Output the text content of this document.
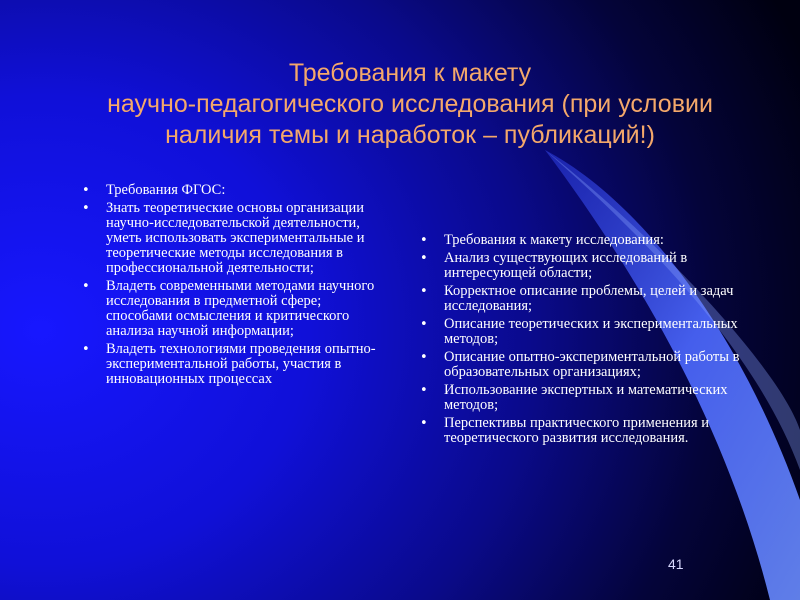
Требования к макету
научно-педагогического исследования (при условии
наличия темы и наработок – публикаций!)
• Требования ФГОС:
• Знать теоретические основы организации научно-исследовательской деятельности, уметь использовать экспериментальные и теоретические методы исследования в профессиональной деятельности;
• Владеть современными методами научного исследования в предметной сфере; способами осмысления и критического анализа научной информации;
• Владеть технологиями проведения опытно-экспериментальной работы, участия в инновационных процессах
• Требования к макету исследования:
• Анализ существующих исследований в интересующей области;
• Корректное описание проблемы, целей и задач исследования;
• Описание теоретических и экспериментальных методов;
• Описание опытно-экспериментальной работы в образовательных организациях;
• Использование экспертных и математических методов;
• Перспективы практического применения и теоретического развития исследования.
41
